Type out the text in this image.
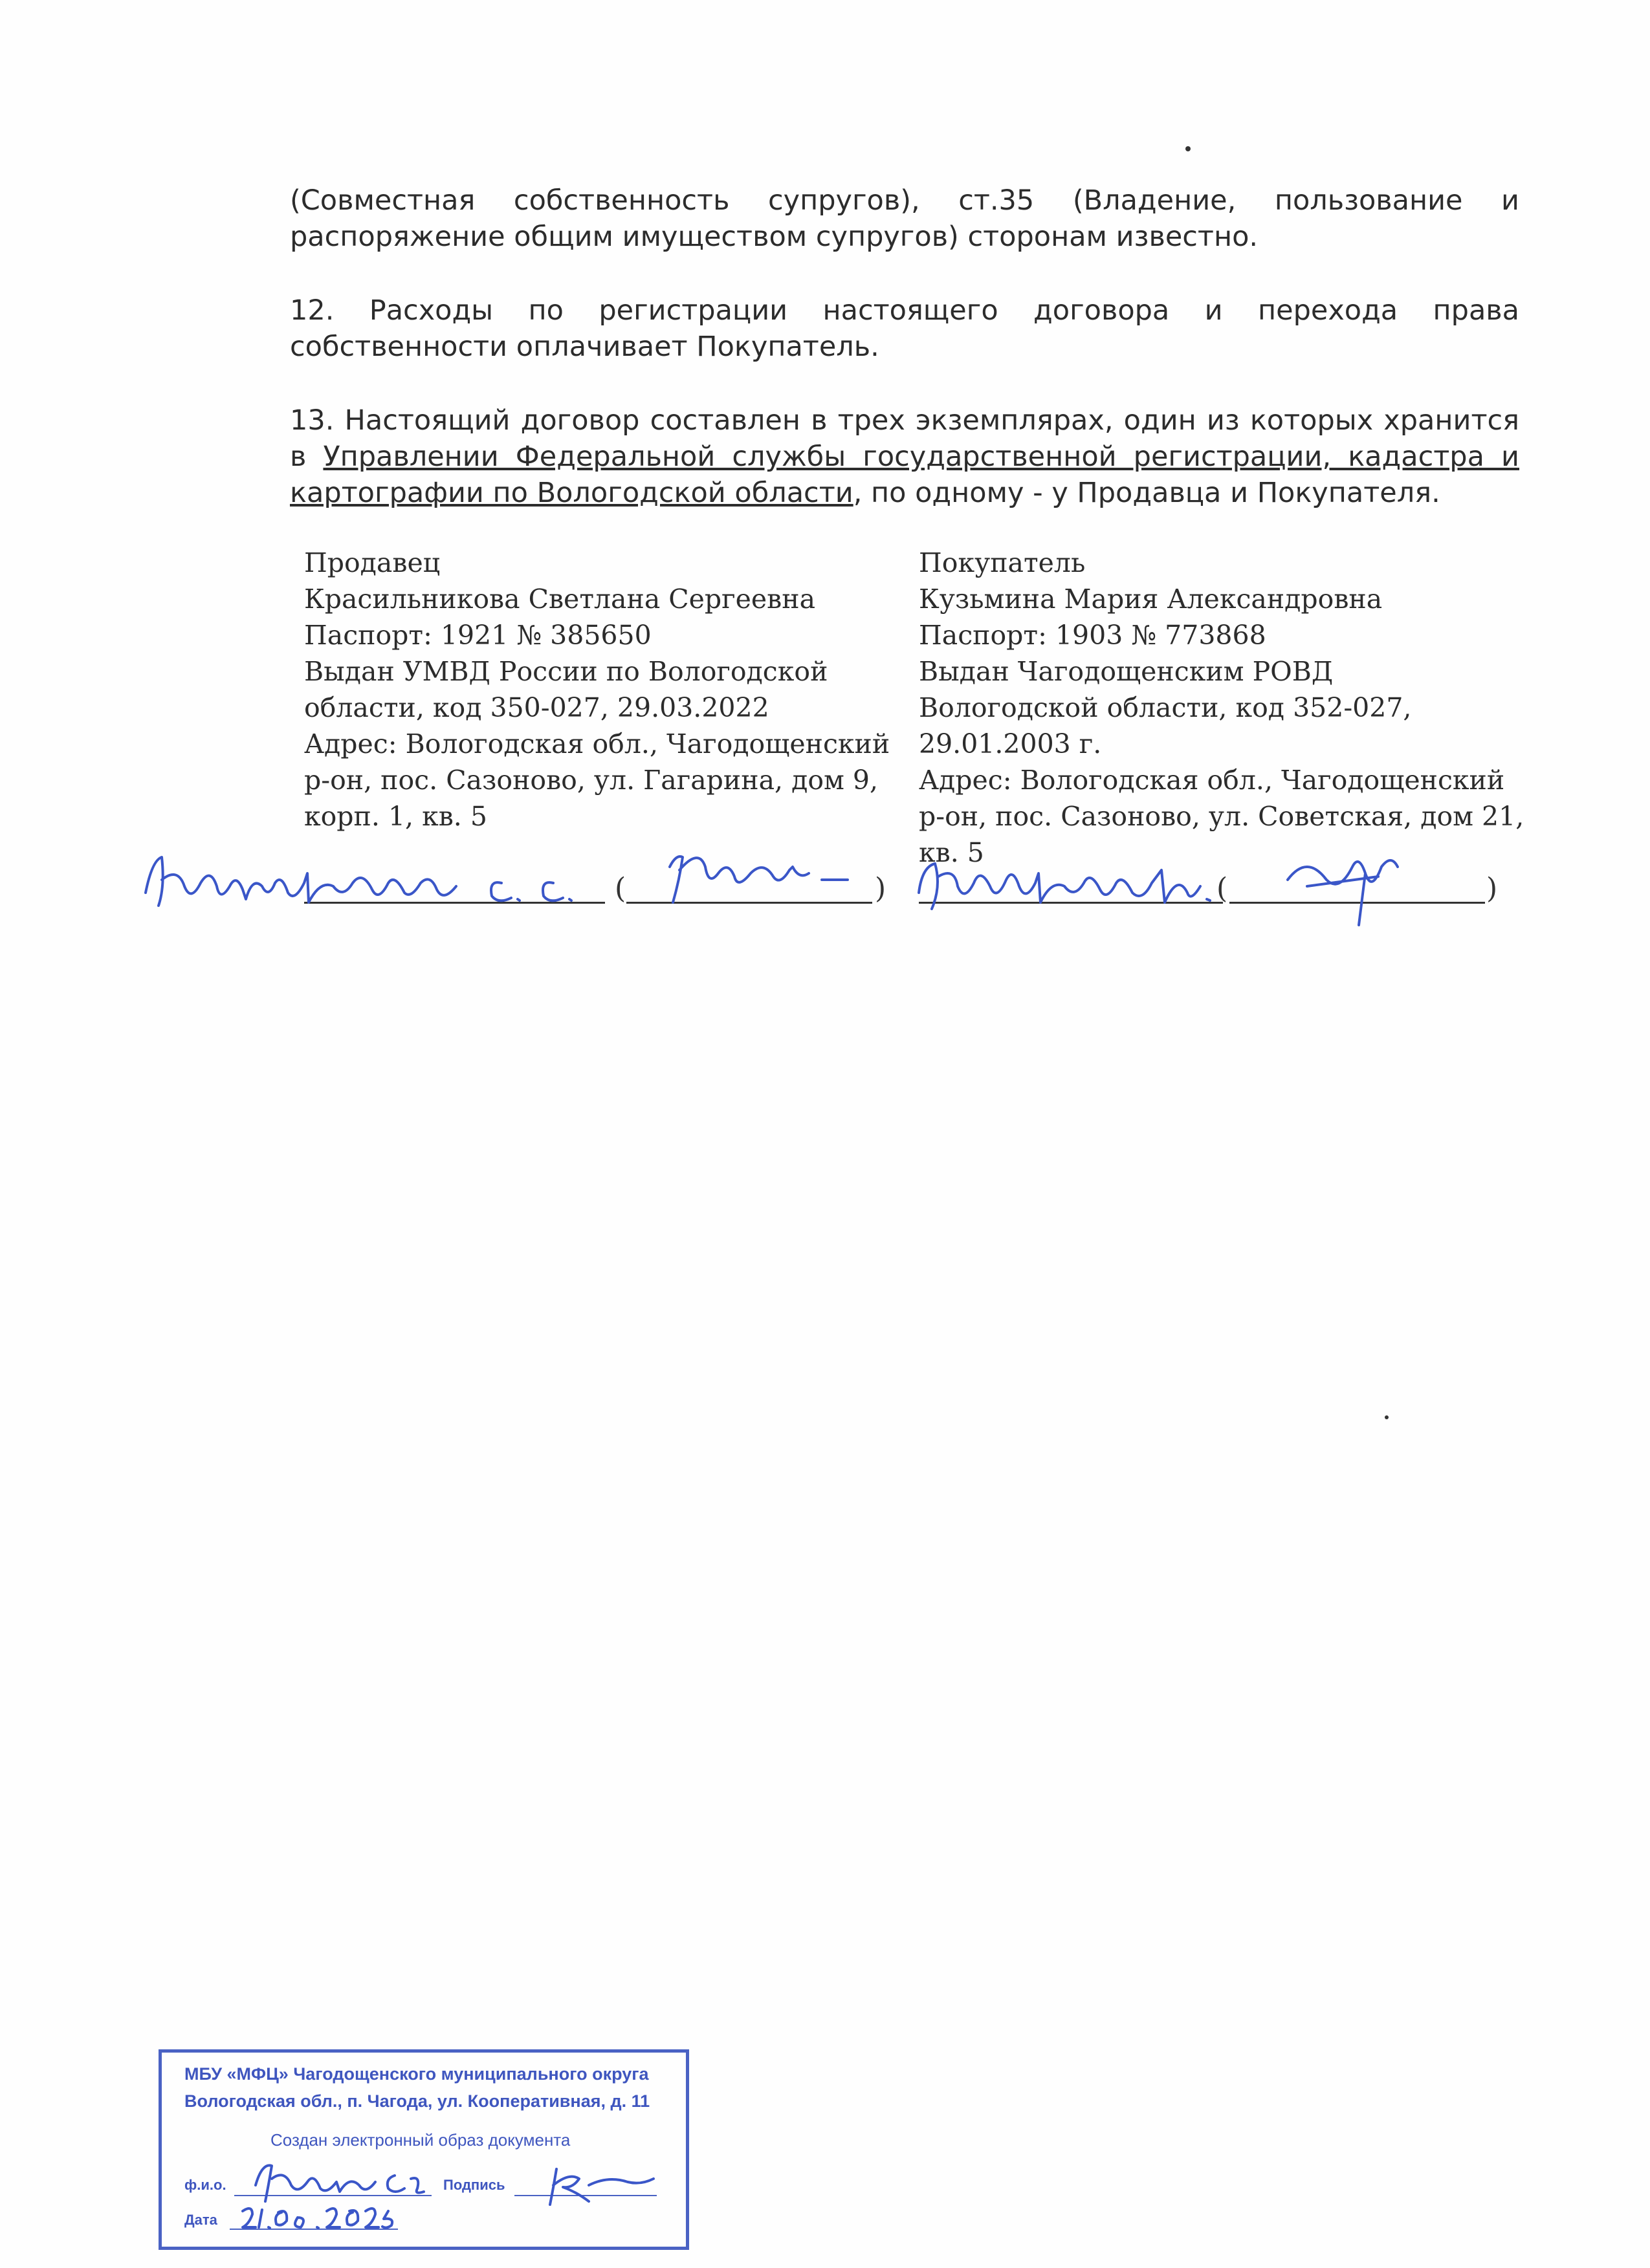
(Совместная собственность супругов), ст.35 (Владение, пользование и распоряжение общим имуществом супругов) сторонам известно.

12. Расходы по регистрации настоящего договора и перехода права собственности оплачивает Покупатель.

13. Настоящий договор составлен в трех экземплярах, один из которых хранится в Управлении Федеральной службы государственной регистрации, кадастра и картографии по Вологодской области, по одному - у Продавца и Покупателя.

Продавец
Красильникова Светлана Сергеевна
Паспорт: 1921 № 385650
Выдан УМВД России по Вологодской
области, код 350-027, 29.03.2022
Адрес: Вологодская обл., Чагодощенский
р-он, пос. Сазоново, ул. Гагарина, дом 9,
корп. 1, кв. 5
Покупатель
Кузьмина Мария Александровна
Паспорт: 1903 № 773868
Выдан Чагодощенским РОВД
Вологодской области, код 352-027,
29.01.2003 г.
Адрес: Вологодская обл., Чагодощенский
р-он, пос. Сазоново, ул. Советская, дом 21,
кв. 5
(	)	(	)
МБУ «МФЦ» Чагодощенского муниципального округа
Вологодская обл., п. Чагода, ул. Кооперативная, д. 11
Создан электронный образ документа
ф.и.о.	Подпись
Дата
